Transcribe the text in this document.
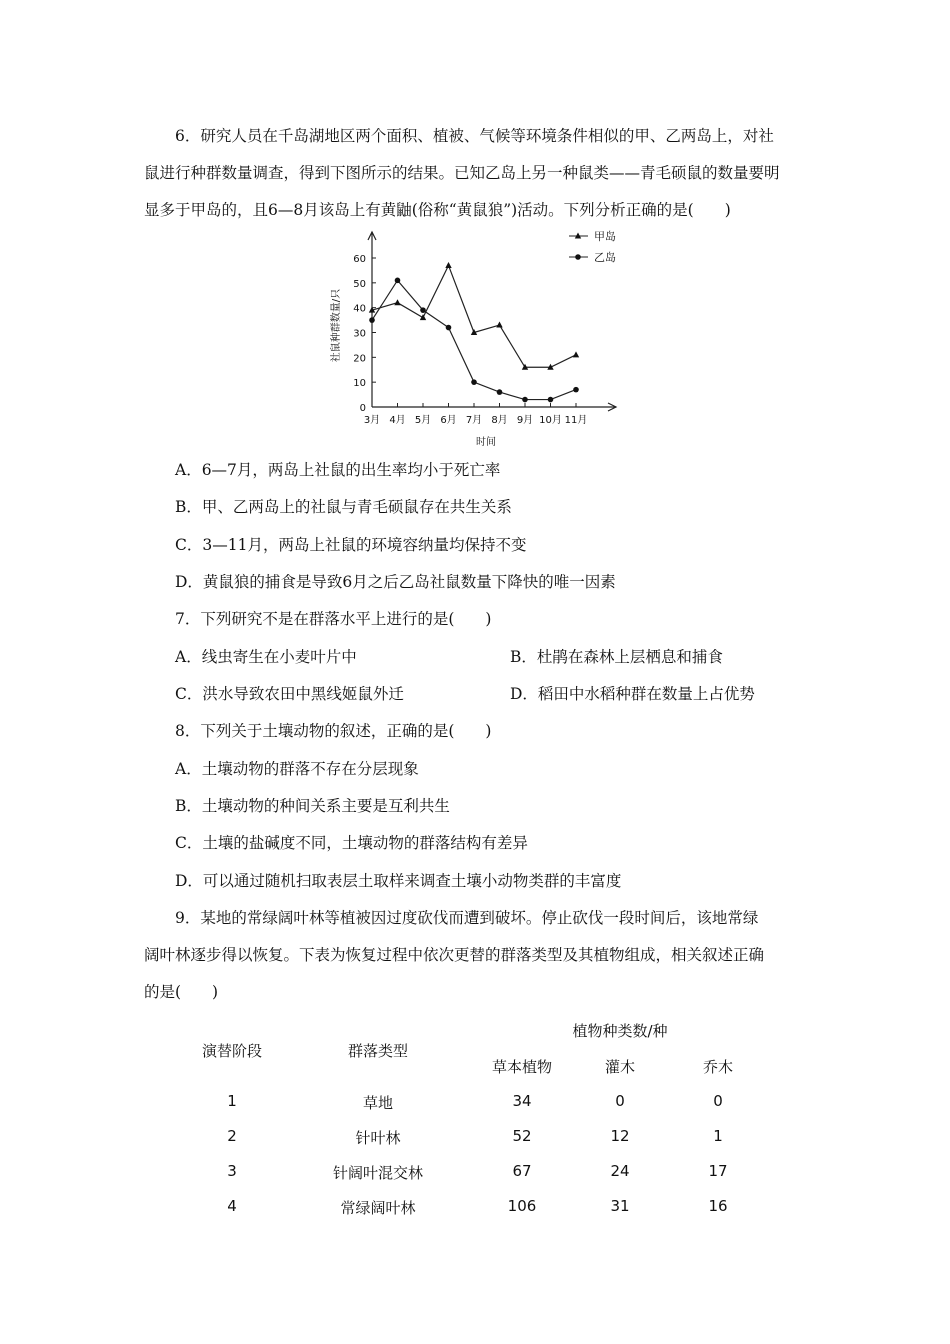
6．研究人员在千岛湖地区两个面积、植被、气候等环境条件相似的甲、乙两岛上，对社
鼠进行种群数量调查，得到下图所示的结果。已知乙岛上另一种鼠类——青毛硕鼠的数量要明
显多于甲岛的，且6—8月该岛上有黄鼬(俗称“黄鼠狼”)活动。下列分析正确的是(　　)
0
10
20
30
40
50
60
3月 4月 5月 6月 7月 8月 9月 10月 11月
甲岛
乙岛
社鼠种群数量/只
时间
A．6—7月，两岛上社鼠的出生率均小于死亡率
B．甲、乙两岛上的社鼠与青毛硕鼠存在共生关系
C．3—11月，两岛上社鼠的环境容纳量均保持不变
D．黄鼠狼的捕食是导致6月之后乙岛社鼠数量下降快的唯一因素
7．下列研究不是在群落水平上进行的是(　　)
A．线虫寄生在小麦叶片中	B．杜鹃在森林上层栖息和捕食
C．洪水导致农田中黑线姬鼠外迁	D．稻田中水稻种群在数量上占优势
8．下列关于土壤动物的叙述，正确的是(　　)
A．土壤动物的群落不存在分层现象
B．土壤动物的种间关系主要是互利共生
C．土壤的盐碱度不同，土壤动物的群落结构有差异
D．可以通过随机扫取表层土取样来调查土壤小动物类群的丰富度
9．某地的常绿阔叶林等植被因过度砍伐而遭到破坏。停止砍伐一段时间后，该地常绿
阔叶林逐步得以恢复。下表为恢复过程中依次更替的群落类型及其植物组成，相关叙述正确
的是(　　)
植物种类数/种
演替阶段	群落类型
草本植物	灌木	乔木
1	草地	34	0	0
2	针叶林	52	12	1
3	针阔叶混交林	67	24	17
4	常绿阔叶林	106	31	16
